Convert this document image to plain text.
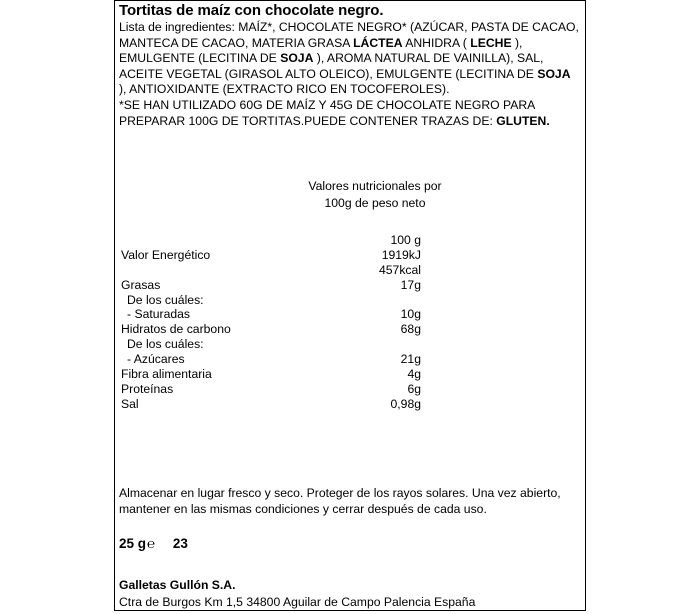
Tortitas de maíz con chocolate negro.
Lista de ingredientes: MAÍZ*, CHOCOLATE NEGRO* (AZÚCAR, PASTA DE CACAO, MANTECA DE CACAO, MATERIA GRASA LÁCTEA ANHIDRA ( LECHE ), EMULGENTE (LECITINA DE SOJA ), AROMA NATURAL DE VAINILLA), SAL, ACEITE VEGETAL (GIRASOL ALTO OLEICO), EMULGENTE (LECITINA DE SOJA ), ANTIOXIDANTE (EXTRACTO RICO EN TOCOFEROLES).
*SE HAN UTILIZADO 60G DE MAÍZ Y 45G DE CHOCOLATE NEGRO PARA PREPARAR 100G DE TORTITAS.PUEDE CONTENER TRAZAS DE: GLUTEN.
Valores nutricionales por
100g de peso neto
100 g
Valor Energético	1919kJ
457kcal
Grasas	17g
De los cuáles:
- Saturadas	10g
Hidratos de carbono	68g
De los cuáles:
- Azúcares	21g
Fibra alimentaria	4g
Proteínas	6g
Sal	0,98g
Almacenar en lugar fresco y seco. Proteger de los rayos solares. Una vez abierto, mantener en las mismas condiciones y cerrar después de cada uso.
25 g℮ 23
Galletas Gullón S.A.
Ctra de Burgos Km 1,5 34800 Aguilar de Campo Palencia España
